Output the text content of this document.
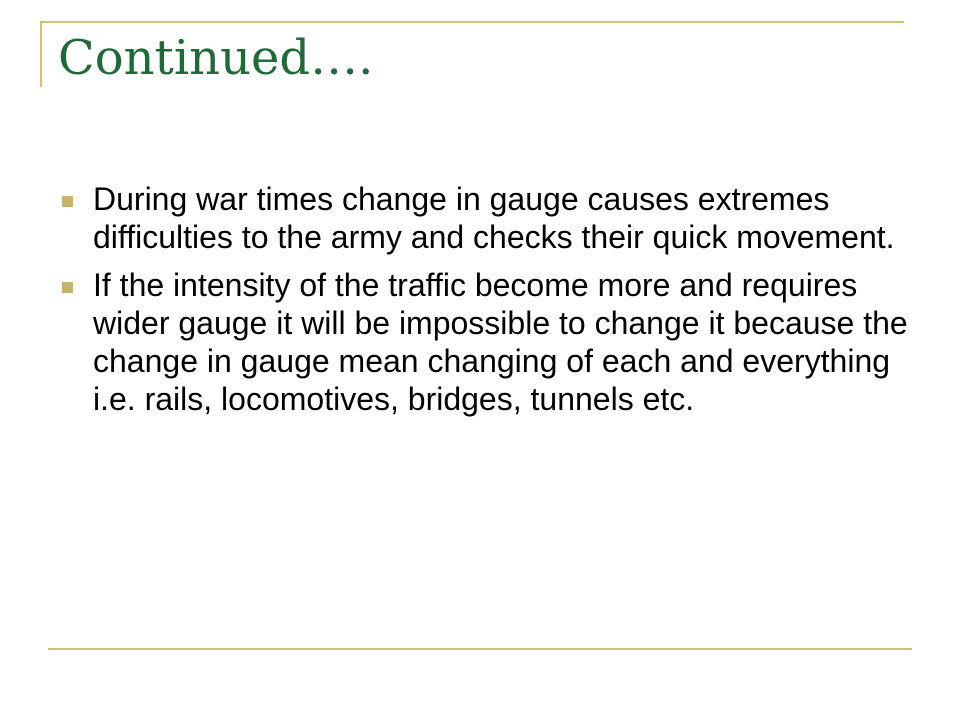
Continued….
During war times change in gauge causes extremes difficulties to the army and checks their quick movement.
If the intensity of the traffic become more and requires wider gauge it will be impossible to change it because the change in gauge mean changing of each and everything i.e. rails, locomotives, bridges, tunnels etc.
